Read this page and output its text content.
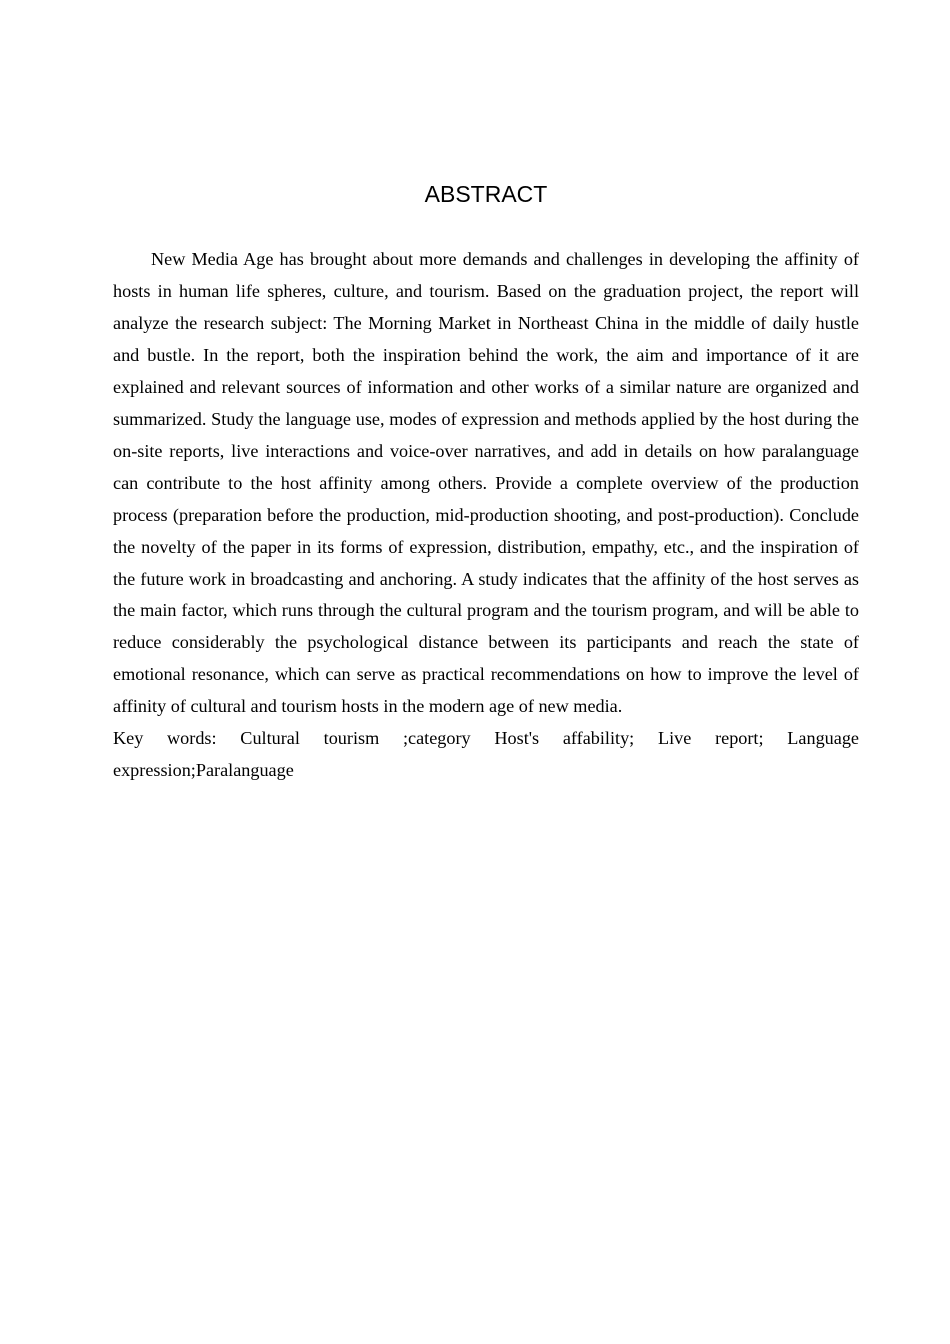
ABSTRACT

New Media Age has brought about more demands and challenges in developing the affinity of hosts in human life spheres, culture, and tourism. Based on the graduation project, the report will analyze the research subject: The Morning Market in Northeast China in the middle of daily hustle and bustle. In the report, both the inspiration behind the work, the aim and importance of it are explained and relevant sources of information and other works of a similar nature are organized and summarized. Study the language use, modes of expression and methods applied by the host during the on-site reports, live interactions and voice-over narratives, and add in details on how paralanguage can contribute to the host affinity among others. Provide a complete overview of the production process (preparation before the production, mid-production shooting, and post-production). Conclude the novelty of the paper in its forms of expression, distribution, empathy, etc., and the inspiration of the future work in broadcasting and anchoring. A study indicates that the affinity of the host serves as the main factor, which runs through the cultural program and the tourism program, and will be able to reduce considerably the psychological distance between its participants and reach the state of emotional resonance, which can serve as practical recommendations on how to improve the level of affinity of cultural and tourism hosts in the modern age of new media.

Key words: Cultural tourism ;category Host's affability; Live report; Language expression;Paralanguage
